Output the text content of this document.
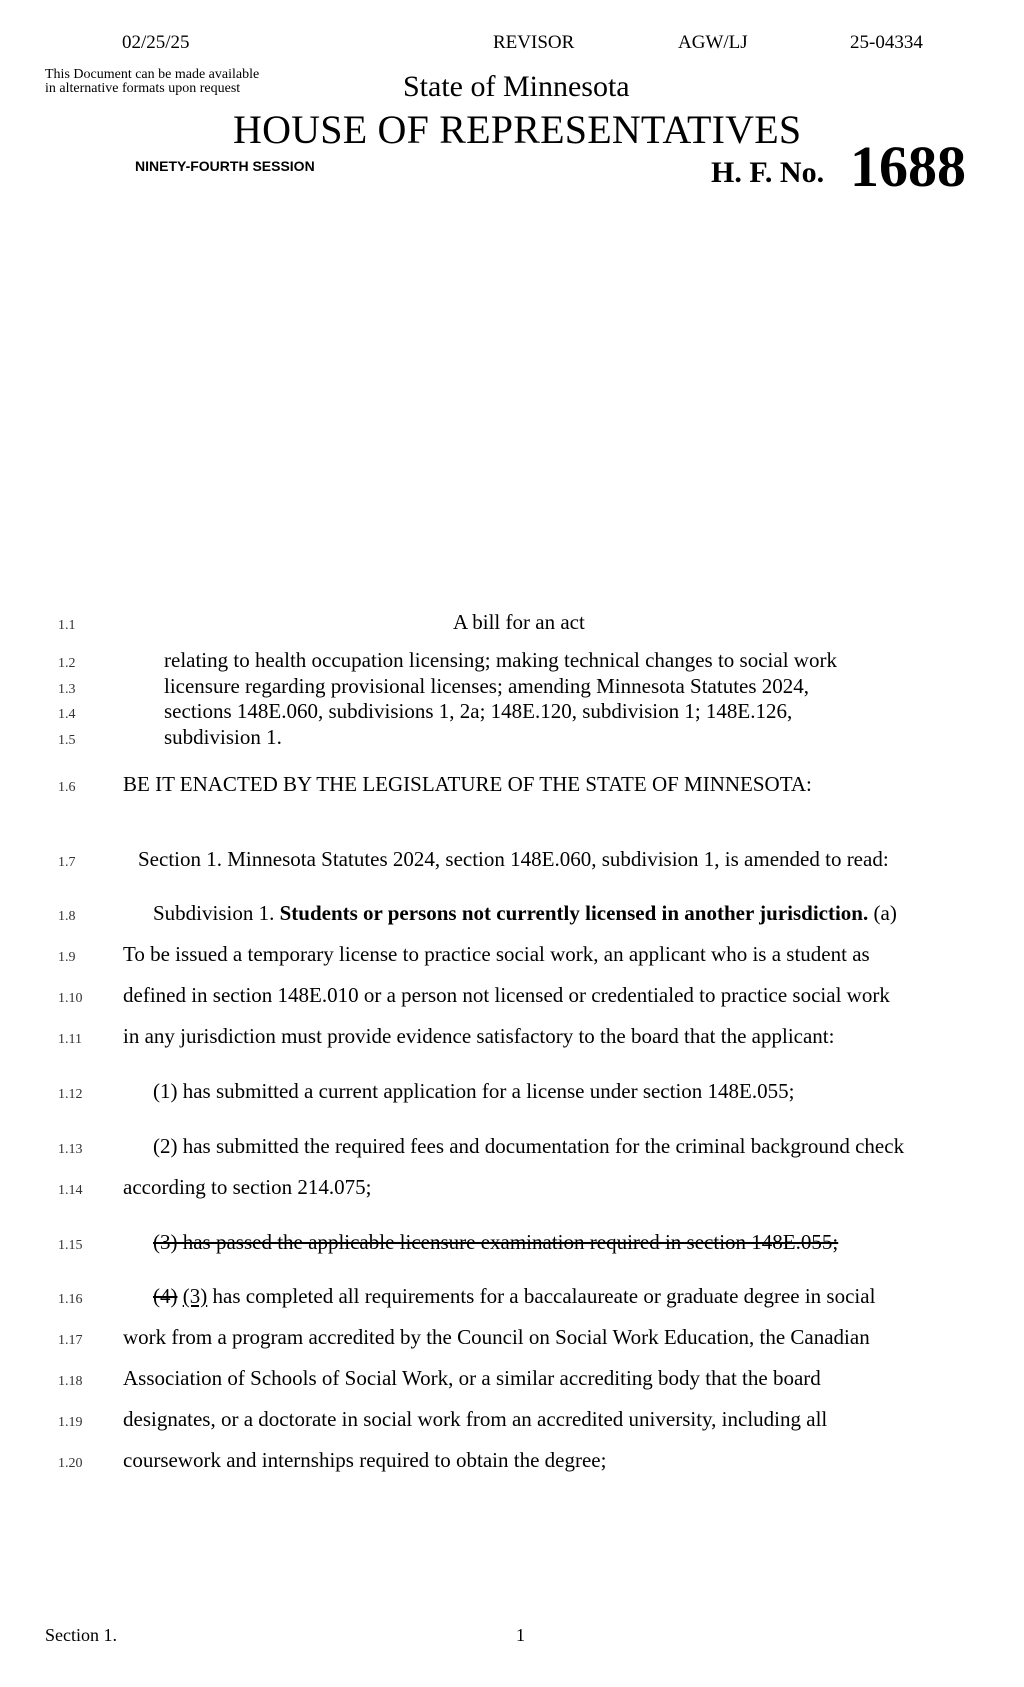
02/25/25	REVISOR	AGW/LJ	25-04334
This Document can be made available
in alternative formats upon request	State of Minnesota
HOUSE OF REPRESENTATIVES
NINETY-FOURTH SESSION	H. F. No. 1688
1.1	A bill for an act
1.2	relating to health occupation licensing; making technical changes to social work
1.3	licensure regarding provisional licenses; amending Minnesota Statutes 2024,
1.4	sections 148E.060, subdivisions 1, 2a; 148E.120, subdivision 1; 148E.126,
1.5	subdivision 1.
1.6 BE IT ENACTED BY THE LEGISLATURE OF THE STATE OF MINNESOTA:
1.7	Section 1. Minnesota Statutes 2024, section 148E.060, subdivision 1, is amended to read:
1.8	Subdivision 1. Students or persons not currently licensed in another jurisdiction. (a)
1.9 To be issued a temporary license to practice social work, an applicant who is a student as
1.10 defined in section 148E.010 or a person not licensed or credentialed to practice social work
1.11 in any jurisdiction must provide evidence satisfactory to the board that the applicant:
1.12	(1) has submitted a current application for a license under section 148E.055;
1.13	(2) has submitted the required fees and documentation for the criminal background check
1.14 according to section 214.075;
1.15	(3) has passed the applicable licensure examination required in section 148E.055;
1.16	(4) (3) has completed all requirements for a baccalaureate or graduate degree in social
1.17 work from a program accredited by the Council on Social Work Education, the Canadian
1.18 Association of Schools of Social Work, or a similar accrediting body that the board
1.19 designates, or a doctorate in social work from an accredited university, including all
1.20 coursework and internships required to obtain the degree;
Section 1.	1
